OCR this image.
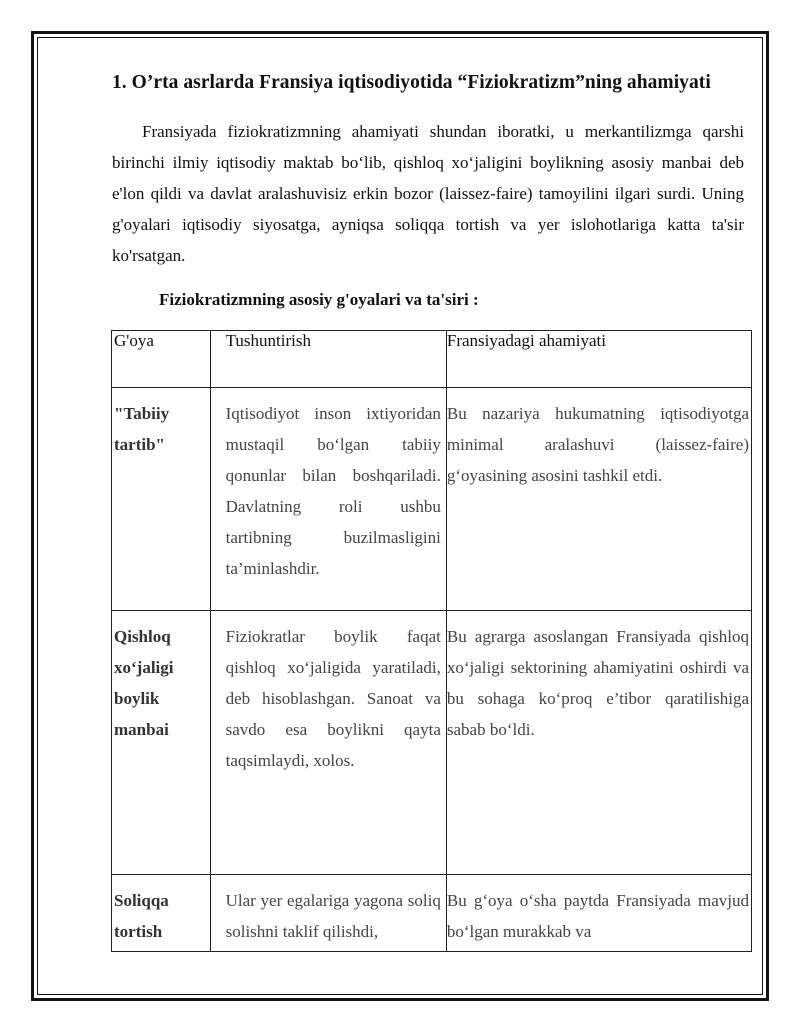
1. O’rta asrlarda Fransiya iqtisodiyotida “Fiziokratizm”ning ahamiyati
Fransiyada fiziokratizmning ahamiyati shundan iboratki, u merkantilizmga qarshi birinchi ilmiy iqtisodiy maktab bo‘lib, qishloq xo‘jaligini boylikning asosiy manbai deb e'lon qildi va davlat aralashuvisiz erkin bozor (laissez-faire) tamoyilini ilgari surdi. Uning g'oyalari iqtisodiy siyosatga, ayniqsa soliqqa tortish va yer islohotlariga katta ta'sir ko'rsatgan.
Fiziokratizmning asosiy g'oyalari va ta'siri :
G'oya	Tushuntirish	Fransiyadagi ahamiyati

"Tabiiy tartib"	Iqtisodiyot inson ixtiyoridan mustaqil bo‘lgan tabiiy qonunlar bilan boshqariladi. Davlatning roli ushbu tartibning buzilmasligini ta’minlashdir.	Bu nazariya hukumatning iqtisodiyotga minimal aralashuvi (laissez-faire) g‘oyasining asosini tashkil etdi.

Qishloq xo‘jaligi boylik manbai	Fiziokratlar boylik faqat qishloq xo‘jaligida yaratiladi, deb hisoblashgan. Sanoat va savdo esa boylikni qayta taqsimlaydi, xolos.	Bu agrarga asoslangan Fransiyada qishloq xo‘jaligi sektorining ahamiyatini oshirdi va bu sohaga ko‘proq e’tibor qaratilishiga sabab bo‘ldi.

Soliqqa tortish	Ular yer egalariga yagona soliq solishni taklif qilishdi,	Bu g‘oya o‘sha paytda Fransiyada mavjud bo‘lgan murakkab va
